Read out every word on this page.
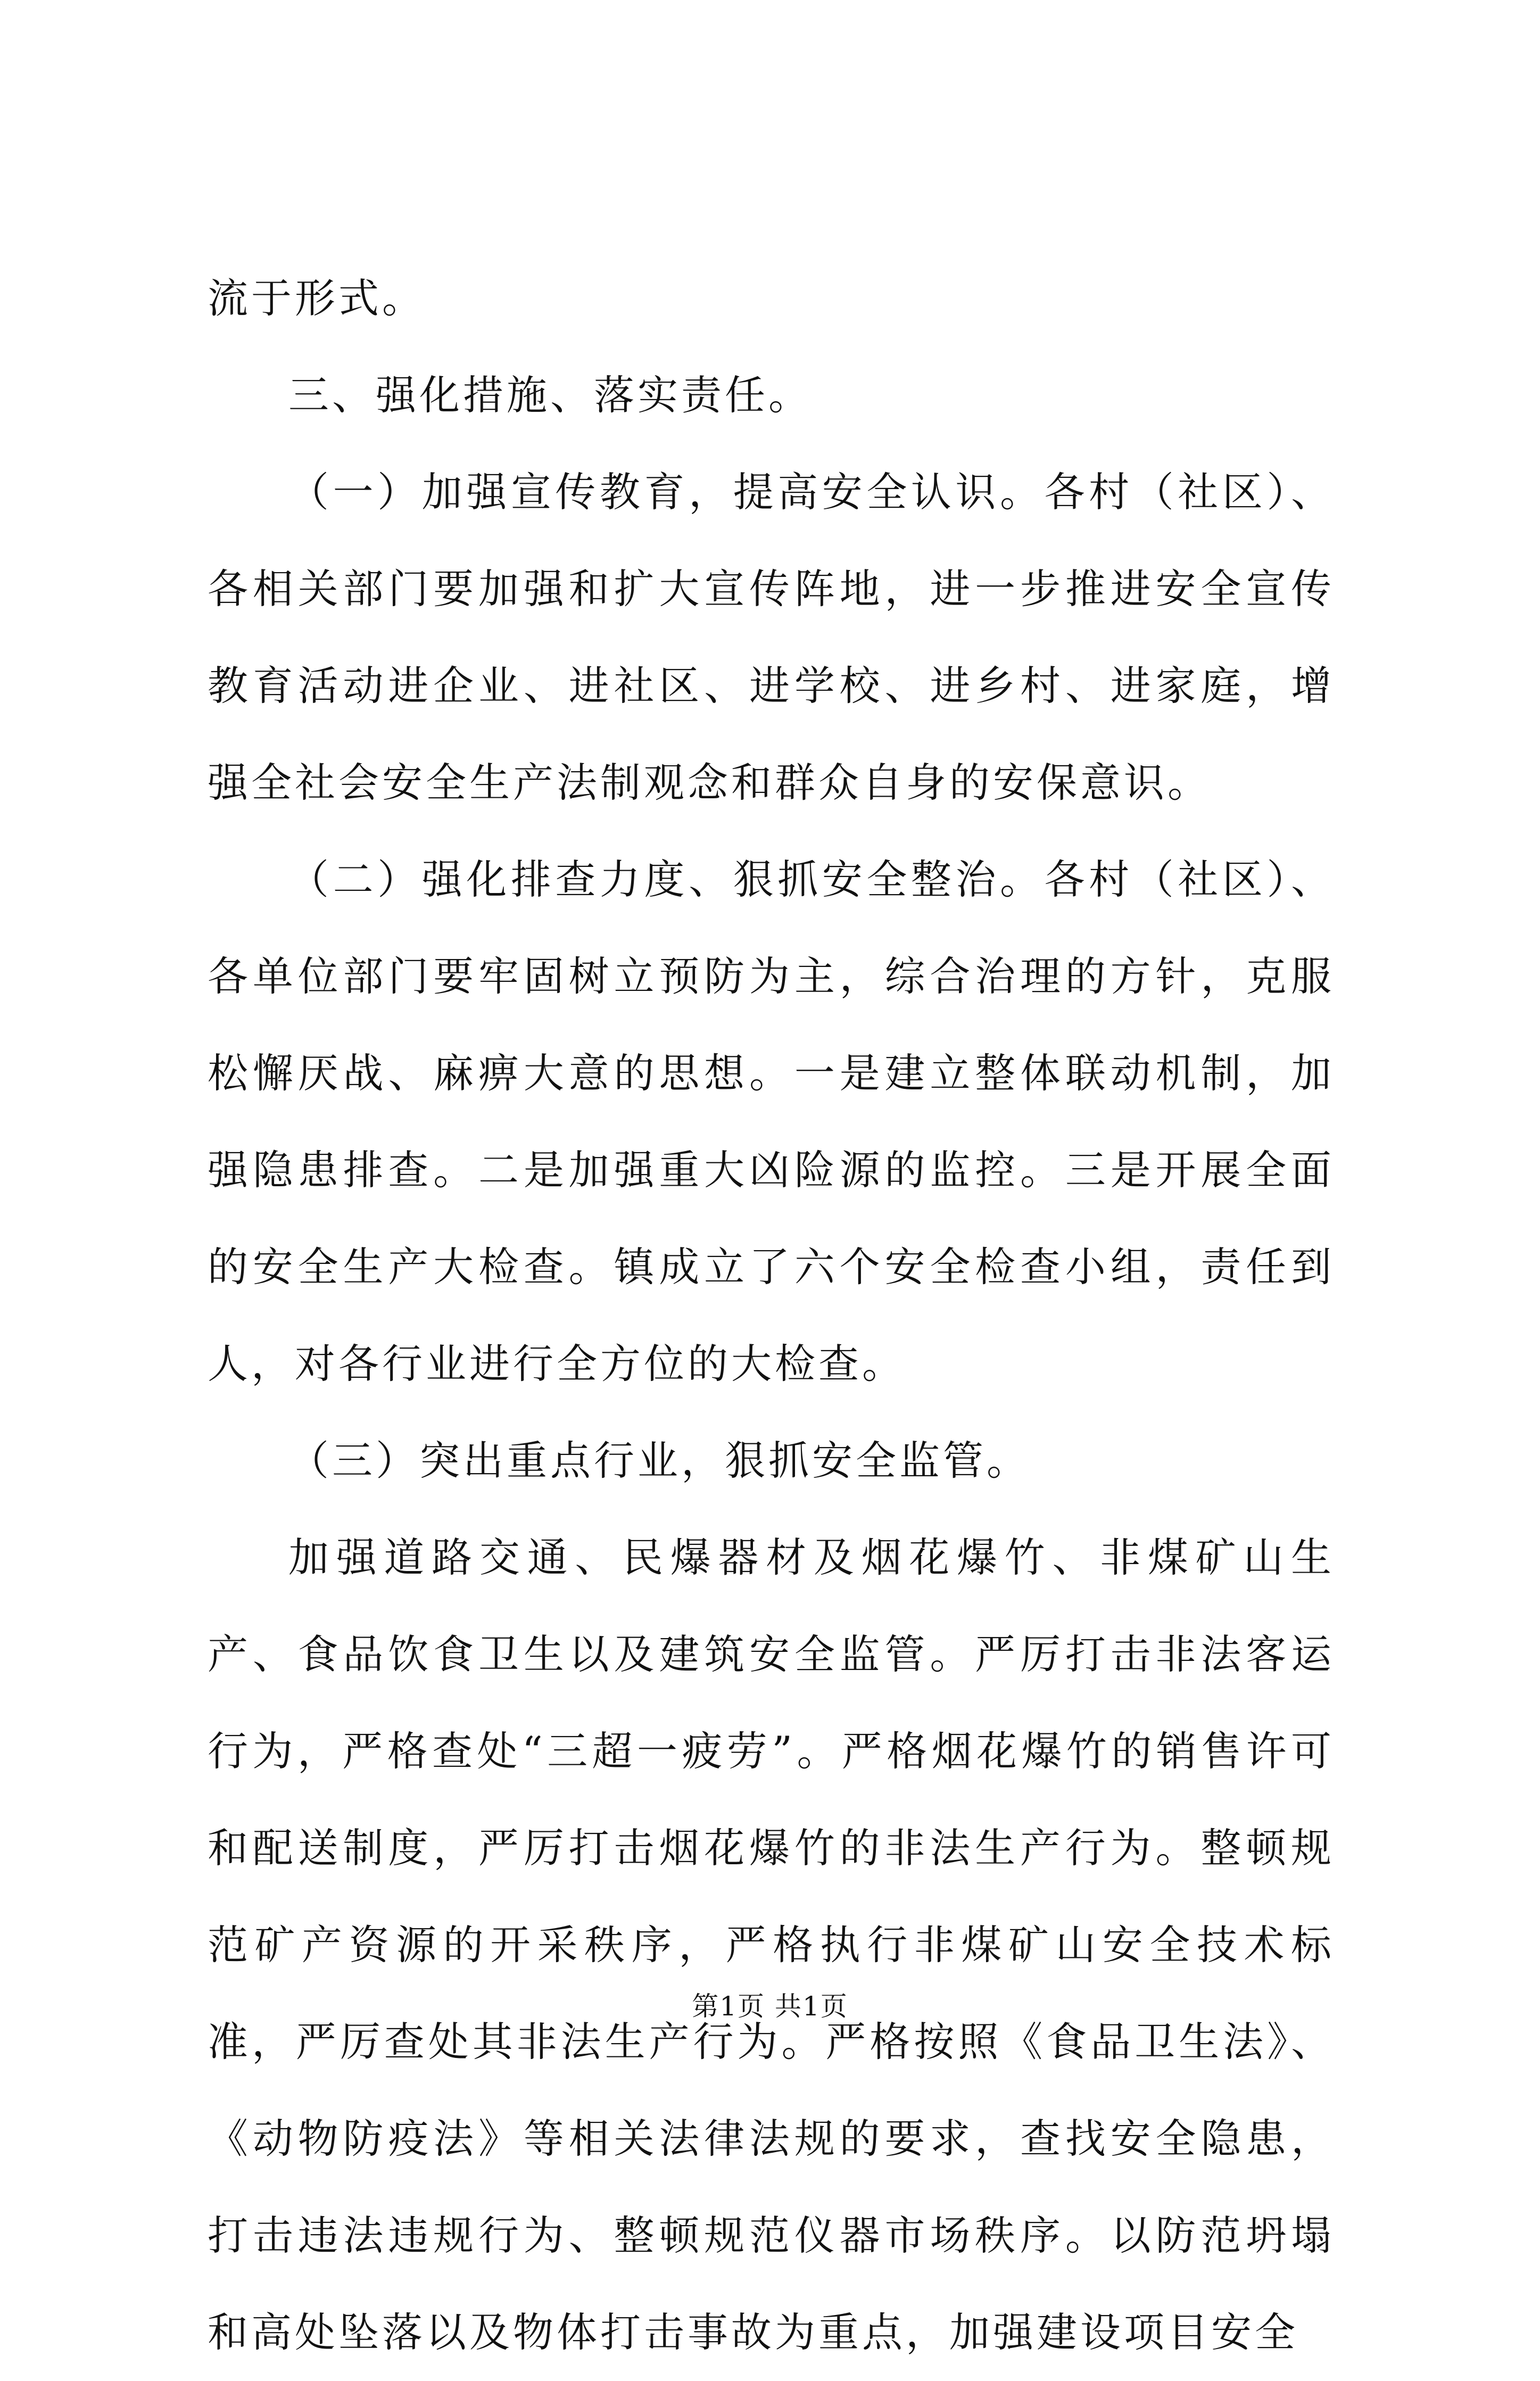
流于形式。

三、强化措施、落实责任。

（一）加强宣传教育，提高安全认识。各村（社区）、各相关部门要加强和扩大宣传阵地，进一步推进安全宣传教育活动进企业、进社区、进学校、进乡村、进家庭，增强全社会安全生产法制观念和群众自身的安保意识。

（二）强化排查力度、狠抓安全整治。各村（社区）、各单位部门要牢固树立预防为主，综合治理的方针，克服松懈厌战、麻痹大意的思想。一是建立整体联动机制，加强隐患排查。二是加强重大凶险源的监控。三是开展全面的安全生产大检查。镇成立了六个安全检查小组，责任到人，对各行业进行全方位的大检查。

（三）突出重点行业，狠抓安全监管。

加强道路交通、民爆器材及烟花爆竹、非煤矿山生产、食品饮食卫生以及建筑安全监管。严厉打击非法客运行为，严格查处“三超一疲劳”。严格烟花爆竹的销售许可和配送制度，严厉打击烟花爆竹的非法生产行为。整顿规范矿产资源的开采秩序，严格执行非煤矿山安全技术标准，严厉查处其非法生产行为。严格按照《食品卫生法》、《动物防疫法》等相关法律法规的要求，查找安全隐患，打击违法违规行为、整顿规范仪器市场秩序。以防范坍塌和高处坠落以及物体打击事故为重点，加强建设项目安全

第1页 共1页
